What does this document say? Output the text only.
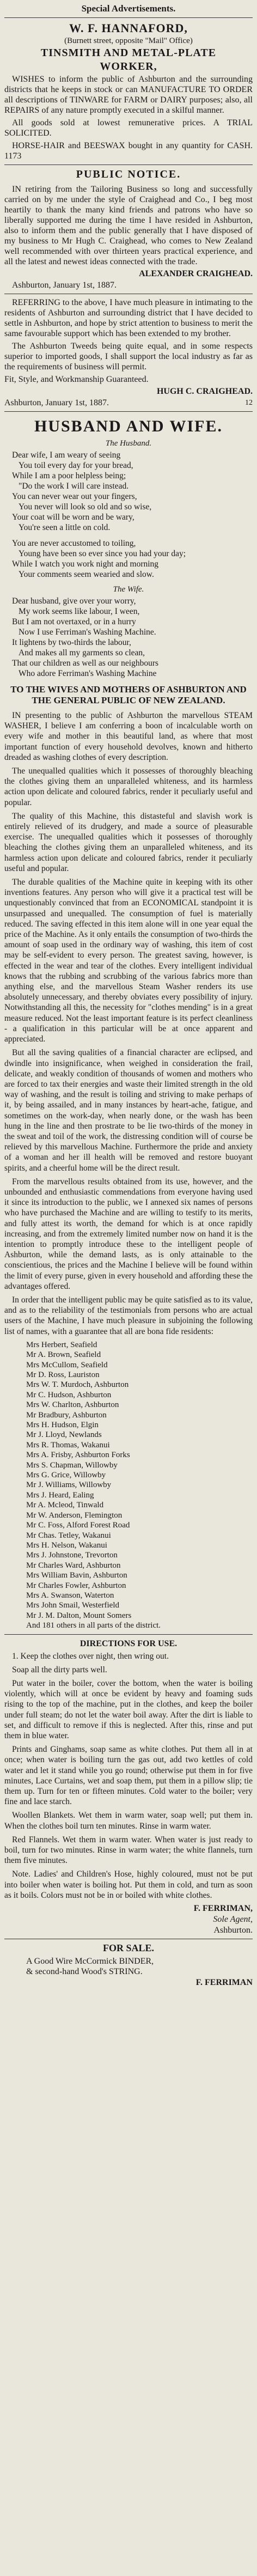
Special Advertisements.
W. F. HANNAFORD,
(Burnett street, opposite "Mail" Office)
TINSMITH AND METAL-PLATE
WORKER,

WISHES to inform the public of Ashburton and the surrounding districts that he keeps in stock or can MANUFACTURE TO ORDER all descriptions of TINWARE for FARM or DAIRY purposes; also, all REPAIRS of any nature promptly executed in a skilful manner.

All goods sold at lowest remunerative prices. A TRIAL SOLICITED.

HORSE-HAIR and BEESWAX bought in any quantity for CASH. 1173

PUBLIC NOTICE.

IN retiring from the Tailoring Business so long and successfully carried on by me under the style of Craighead and Co., I beg most heartily to thank the many kind friends and patrons who have so liberally supported me during the time I have resided in Ashburton, also to inform them and the public generally that I have disposed of my business to Mr Hugh C. Craighead, who comes to New Zealand well recommended with over thirteen years practical experience, and all the latest and newest ideas connected with the trade.

ALEXANDER CRAIGHEAD.

Ashburton, January 1st, 1887.

REFERRING to the above, I have much pleasure in intimating to the residents of Ashburton and surrounding district that I have decided to settle in Ashburton, and hope by strict attention to business to merit the same favourable support which has been extended to my brother.

The Ashburton Tweeds being quite equal, and in some respects superior to imported goods, I shall support the local industry as far as the requirements of business will permit.

Fit, Style, and Workmanship Guaranteed.

HUGH C. CRAIGHEAD.

Ashburton, January 1st, 1887.	12

HUSBAND AND WIFE.
The Husband.
Dear wife, I am weary of seeing
You toil every day for your bread,
While I am a poor helpless being;
"Do the work I will care instead.
You can never wear out your fingers,
You never will look so old and so wise,
Your coat will be worn and be wary,
You're seen a little on cold.
You are never accustomed to toiling,
Young have been so ever since you had your day;
While I watch you work night and morning
Your comments seem wearied and slow.
The Wife.
Dear husband, give over your worry,
My work seems like labour, I ween,
But I am not overtaxed, or in a hurry
Now I use Ferriman's Washing Machine.
It lightens by two-thirds the labour,
And makes all my garments so clean,
That our children as well as our neighbours
Who adore Ferriman's Washing Machine
TO THE WIVES AND MOTHERS OF ASHBURTON AND THE GENERAL PUBLIC OF NEW ZEALAND.

IN presenting to the public of Ashburton the marvellous STEAM WASHER, I believe I am conferring a boon of incalculable worth on every wife and mother in this beautiful land, as where that most important function of every household devolves, known and hitherto dreaded as washing clothes of every description.

The unequalled qualities which it possesses of thoroughly bleaching the clothes giving them an unparalleled whiteness, and its harmless action upon delicate and coloured fabrics, render it peculiarly useful and popular.

The quality of this Machine, this distasteful and slavish work is entirely relieved of its drudgery, and made a source of pleasurable exercise. The unequalled qualities which it possesses of thoroughly bleaching the clothes giving them an unparalleled whiteness, and its harmless action upon delicate and coloured fabrics, render it peculiarly useful and popular.

The durable qualities of the Machine quite in keeping with its other inventions features. Any person who will give it a practical test will be unquestionably convinced that from an ECONOMICAL standpoint it is unsurpassed and unequalled. The consumption of fuel is materially reduced. The saving effected in this item alone will in one year equal the price of the Machine. As it only entails the consumption of two-thirds the amount of soap used in the ordinary way of washing, this item of cost may be self-evident to every person. The greatest saving, however, is effected in the wear and tear of the clothes. Every intelligent individual knows that the rubbing and scrubbing of the various fabrics more than anything else, and the marvellous Steam Washer renders its use absolutely unnecessary, and thereby obviates every possibility of injury. Notwithstanding all this, the necessity for "clothes mending" is in a great measure reduced. Not the least important feature is its perfect cleanliness - a qualification in this particular will be at once apparent and appreciated.

But all the saving qualities of a financial character are eclipsed, and dwindle into insignificance, when weighed in consideration the frail, delicate, and weakly condition of thousands of women and mothers who are forced to tax their energies and waste their limited strength in the old way of washing, and the result is toiling and striving to make perhaps of it, by being assailed, and in many instances by heart-ache, fatigue, and sometimes on the work-day, when nearly done, or the wash has been hung in the line and then prostrate to be lie two-thirds of the money in the sweat and toil of the work, the distressing condition will of course be relieved by this marvellous Machine. Furthermore the pride and anxiety of a woman and her ill health will be removed and restore buoyant spirits, and a cheerful home will be the direct result.

From the marvellous results obtained from its use, however, and the unbounded and enthusiastic commendations from everyone having used it since its introduction to the public, we I annexed six names of persons who have purchased the Machine and are willing to testify to its merits, and fully attest its worth, the demand for which is at once rapidly increasing, and from the extremely limited number now on hand it is the intention to promptly introduce these to the intelligent people of Ashburton, while the demand lasts, as is only attainable to the conscientious, the prices and the Machine I believe will be found within the limit of every purse, given in every household and affording these the advantages offered.

In order that the intelligent public may be quite satisfied as to its value, and as to the reliability of the testimonials from persons who are actual users of the Machine, I have much pleasure in subjoining the following list of names, with a guarantee that all are bona fide residents:

Mrs Herbert, Seafield
Mr A. Brown, Seafield
Mrs McCullom, Seafield
Mr D. Ross, Lauriston
Mrs W. T. Murdoch, Ashburton
Mr C. Hudson, Ashburton
Mrs W. Charlton, Ashburton
Mr Bradbury, Ashburton
Mrs H. Hudson, Elgin
Mr J. Lloyd, Newlands
Mrs R. Thomas, Wakanui
Mrs A. Frisby, Ashburton Forks
Mrs S. Chapman, Willowby
Mrs G. Grice, Willowby
Mr J. Williams, Willowby
Mrs J. Heard, Ealing
Mr A. Mcleod, Tinwald
Mr W. Anderson, Flemington
Mr C. Foss, Alford Forest Road
Mr Chas. Tetley, Wakanui
Mrs H. Nelson, Wakanui
Mrs J. Johnstone, Trevorton
Mr Charles Ward, Ashburton
Mrs William Bavin, Ashburton
Mr Charles Fowler, Ashburton
Mrs A. Swanson, Waterton
Mrs John Smail, Westerfield
Mr J. M. Dalton, Mount Somers
And 181 others in all parts of the district.
DIRECTIONS FOR USE.

1. Keep the clothes over night, then wring out.

Soap all the dirty parts well.

Put water in the boiler, cover the bottom, when the water is boiling violently, which will at once be evident by heavy and foaming suds rising to the top of the machine, put in the clothes, and keep the boiler under full steam; do not let the water boil away. After the dirt is liable to set, and difficult to remove if this is neglected. After this, rinse and put them in blue water.

Prints and Ginghams, soap same as white clothes. Put them all in at once; when water is boiling turn the gas out, add two kettles of cold water and let it stand while you go round; otherwise put them in for five minutes, Lace Curtains, wet and soap them, put them in a pillow slip; tie them up. Turn for ten or fifteen minutes. Cold water to the boiler; very fine and lace starch.

Woollen Blankets. Wet them in warm water, soap well; put them in. When the clothes boil turn ten minutes. Rinse in warm water.

Red Flannels. Wet them in warm water. When water is just ready to boil, turn for two minutes. Rinse in warm water; the white flannels, turn them five minutes.

Note. Ladies' and Children's Hose, highly coloured, must not be put into boiler when water is boiling hot. Put them in cold, and turn as soon as it boils. Colors must not be in or boiled with white clothes.

F. FERRIMAN,
Sole Agent,
Ashburton.
FOR SALE.

A Good Wire McCormick BINDER,

& second-hand Wood's STRING.

F. FERRIMAN
